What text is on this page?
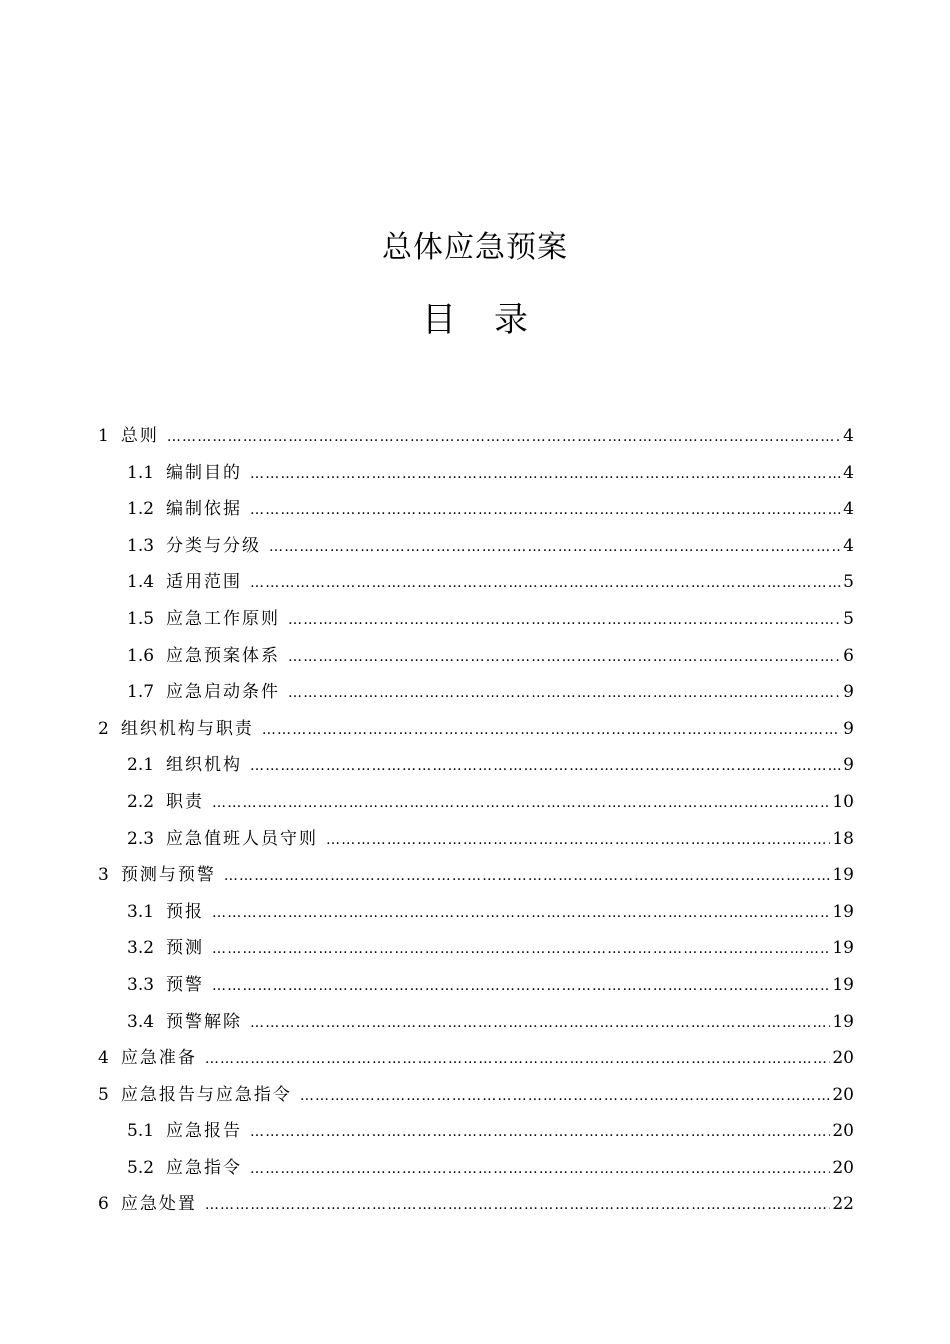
总体应急预案
目 录
1 总则 …………………………………………………………………………………………………………………………………………	4
1.1 编制目的 …………………………………………………………………………………………………………………………………………	4
1.2 编制依据 …………………………………………………………………………………………………………………………………………	4
1.3 分类与分级 …………………………………………………………………………………………………………………………………………	4
1.4 适用范围 …………………………………………………………………………………………………………………………………………	5
1.5 应急工作原则 …………………………………………………………………………………………………………………………………………	5
1.6 应急预案体系 …………………………………………………………………………………………………………………………………………	6
1.7 应急启动条件 …………………………………………………………………………………………………………………………………………	9
2 组织机构与职责 …………………………………………………………………………………………………………………………………………	9
2.1 组织机构 …………………………………………………………………………………………………………………………………………	9
2.2 职责 …………………………………………………………………………………………………………………………………………	10
2.3 应急值班人员守则 …………………………………………………………………………………………………………………………………………	18
3 预测与预警 …………………………………………………………………………………………………………………………………………	19
3.1 预报 …………………………………………………………………………………………………………………………………………	19
3.2 预测 …………………………………………………………………………………………………………………………………………	19
3.3 预警 …………………………………………………………………………………………………………………………………………	19
3.4 预警解除 …………………………………………………………………………………………………………………………………………	19
4 应急准备 …………………………………………………………………………………………………………………………………………	20
5 应急报告与应急指令 …………………………………………………………………………………………………………………………………………	20
5.1 应急报告 …………………………………………………………………………………………………………………………………………	20
5.2 应急指令 …………………………………………………………………………………………………………………………………………	20
6 应急处置 …………………………………………………………………………………………………………………………………………	22
